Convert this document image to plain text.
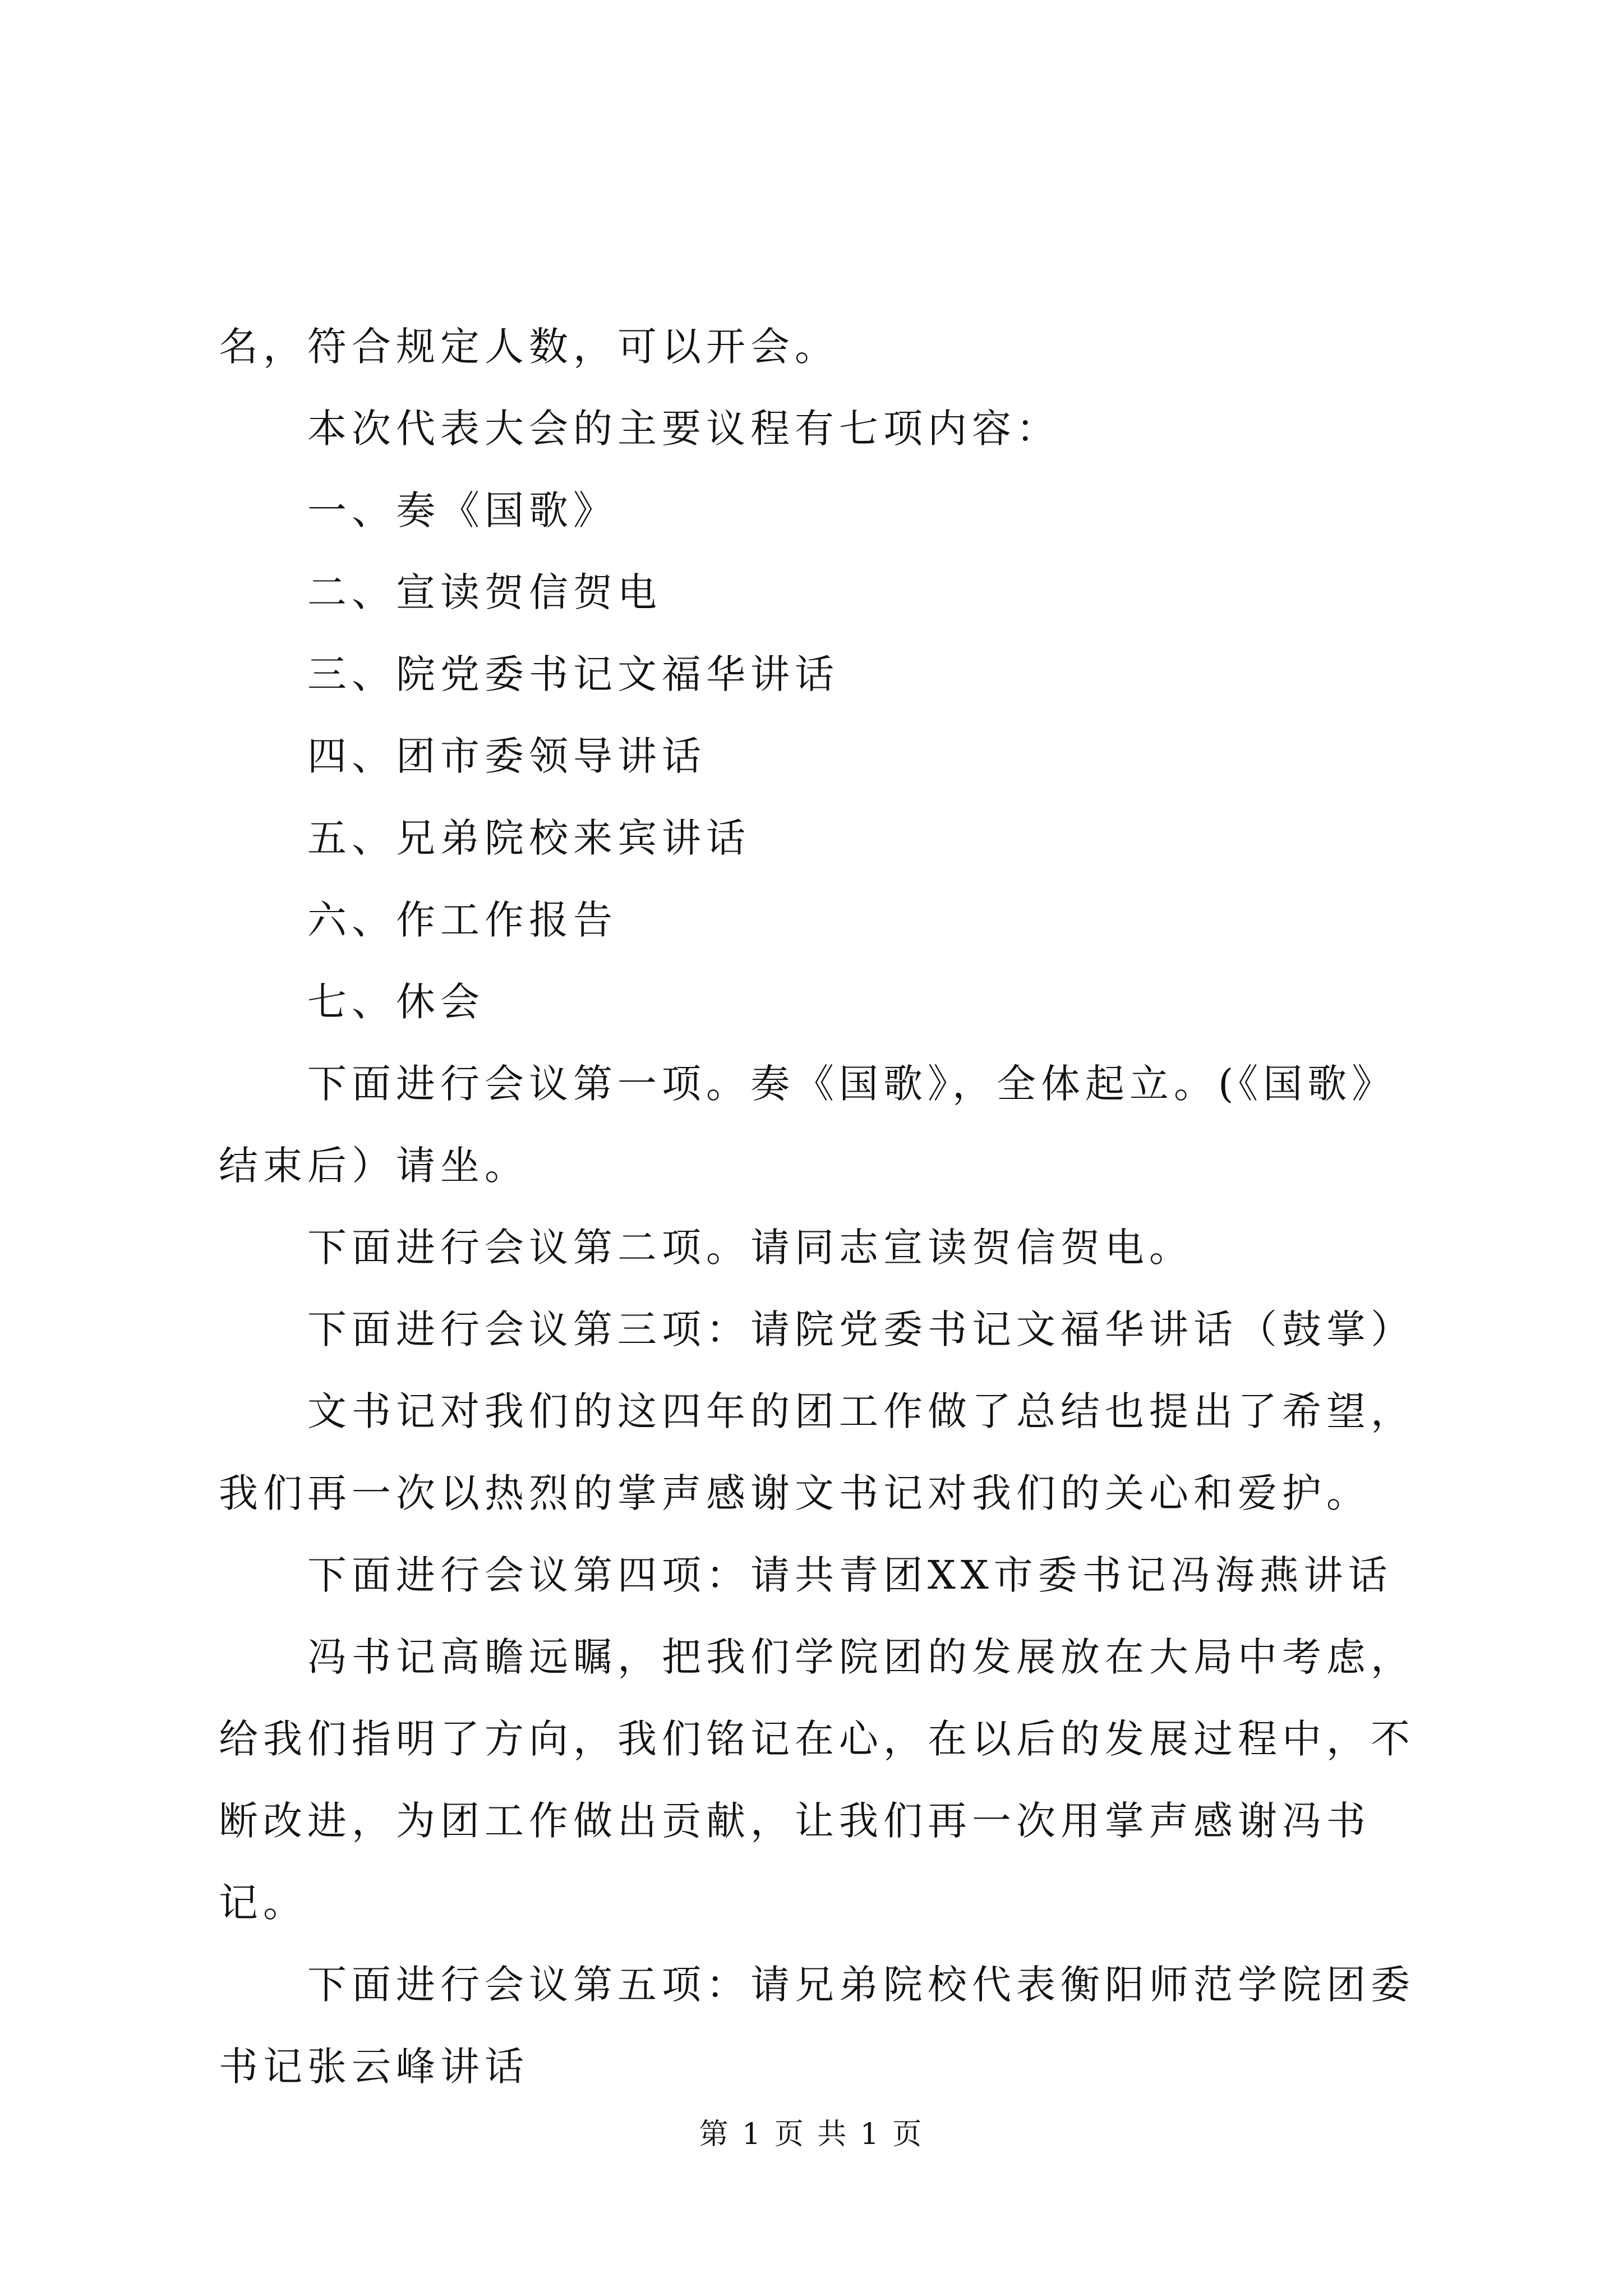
名，符合规定人数，可以开会。

本次代表大会的主要议程有七项内容：

一、奏《国歌》

二、宣读贺信贺电

三、院党委书记文福华讲话

四、团市委领导讲话

五、兄弟院校来宾讲话

六、作工作报告

七、休会

下面进行会议第一项。奏《国歌》，全体起立。(《国歌》结束后）请坐。

下面进行会议第二项。请同志宣读贺信贺电。

下面进行会议第三项：请院党委书记文福华讲话（鼓掌）

文书记对我们的这四年的团工作做了总结也提出了希望，我们再一次以热烈的掌声感谢文书记对我们的关心和爱护。

下面进行会议第四项：请共青团XX市委书记冯海燕讲话

冯书记高瞻远瞩，把我们学院团的发展放在大局中考虑，给我们指明了方向，我们铭记在心，在以后的发展过程中，不断改进，为团工作做出贡献，让我们再一次用掌声感谢冯书记。

下面进行会议第五项：请兄弟院校代表衡阳师范学院团委书记张云峰讲话

第 1 页 共 1 页
